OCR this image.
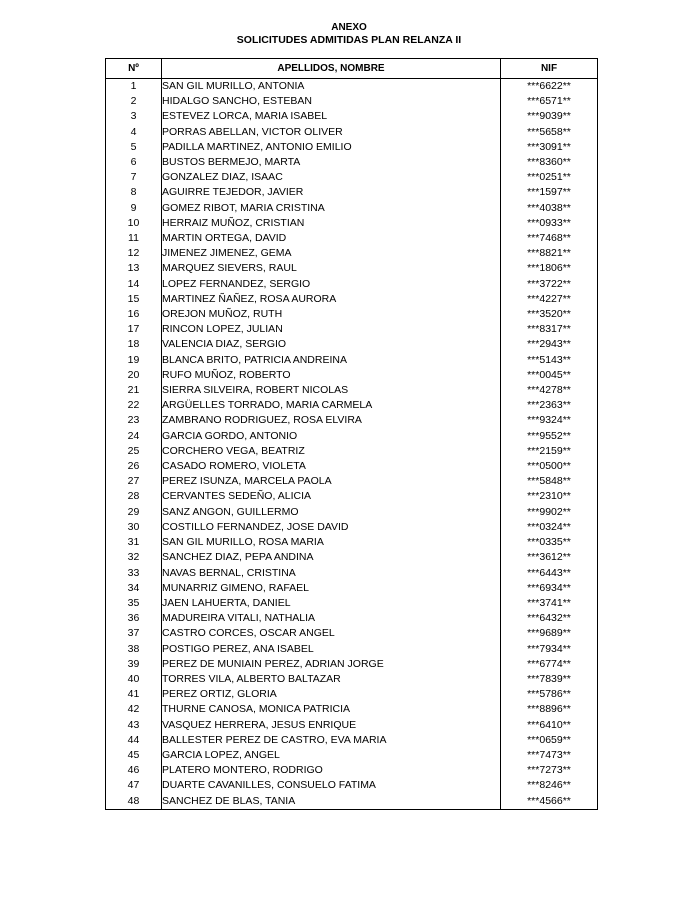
ANEXO
SOLICITUDES ADMITIDAS PLAN RELANZA II
Nº	APELLIDOS, NOMBRE	NIF
1	SAN GIL MURILLO, ANTONIA	***6622**
2	HIDALGO SANCHO, ESTEBAN	***6571**
3	ESTEVEZ LORCA, MARIA ISABEL	***9039**
4	PORRAS ABELLAN, VICTOR OLIVER	***5658**
5	PADILLA MARTINEZ, ANTONIO EMILIO	***3091**
6	BUSTOS BERMEJO, MARTA	***8360**
7	GONZALEZ DIAZ, ISAAC	***0251**
8	AGUIRRE TEJEDOR, JAVIER	***1597**
9	GOMEZ RIBOT, MARIA CRISTINA	***4038**
10	HERRAIZ MUÑOZ, CRISTIAN	***0933**
11	MARTIN ORTEGA, DAVID	***7468**
12	JIMENEZ JIMENEZ, GEMA	***8821**
13	MARQUEZ SIEVERS, RAUL	***1806**
14	LOPEZ FERNANDEZ, SERGIO	***3722**
15	MARTINEZ ÑAÑEZ, ROSA AURORA	***4227**
16	OREJON MUÑOZ, RUTH	***3520**
17	RINCON LOPEZ, JULIAN	***8317**
18	VALENCIA DIAZ, SERGIO	***2943**
19	BLANCA BRITO, PATRICIA ANDREINA	***5143**
20	RUFO MUÑOZ, ROBERTO	***0045**
21	SIERRA SILVEIRA, ROBERT NICOLAS	***4278**
22	ARGÜELLES TORRADO, MARIA CARMELA	***2363**
23	ZAMBRANO RODRIGUEZ, ROSA ELVIRA	***9324**
24	GARCIA GORDO, ANTONIO	***9552**
25	CORCHERO VEGA, BEATRIZ	***2159**
26	CASADO ROMERO, VIOLETA	***0500**
27	PEREZ ISUNZA, MARCELA PAOLA	***5848**
28	CERVANTES SEDEÑO, ALICIA	***2310**
29	SANZ ANGON, GUILLERMO	***9902**
30	COSTILLO FERNANDEZ, JOSE DAVID	***0324**
31	SAN GIL MURILLO, ROSA MARIA	***0335**
32	SANCHEZ DIAZ, PEPA ANDINA	***3612**
33	NAVAS BERNAL, CRISTINA	***6443**
34	MUNARRIZ GIMENO, RAFAEL	***6934**
35	JAEN LAHUERTA, DANIEL	***3741**
36	MADUREIRA VITALI, NATHALIA	***6432**
37	CASTRO CORCES, OSCAR ANGEL	***9689**
38	POSTIGO PEREZ, ANA ISABEL	***7934**
39	PEREZ DE MUNIAIN PEREZ, ADRIAN JORGE	***6774**
40	TORRES VILA, ALBERTO BALTAZAR	***7839**
41	PEREZ ORTIZ, GLORIA	***5786**
42	THURNE CANOSA, MONICA PATRICIA	***8896**
43	VASQUEZ HERRERA, JESUS ENRIQUE	***6410**
44	BALLESTER PEREZ DE CASTRO, EVA MARIA	***0659**
45	GARCIA LOPEZ, ANGEL	***7473**
46	PLATERO MONTERO, RODRIGO	***7273**
47	DUARTE CAVANILLES, CONSUELO FATIMA	***8246**
48	SANCHEZ DE BLAS, TANIA	***4566**
